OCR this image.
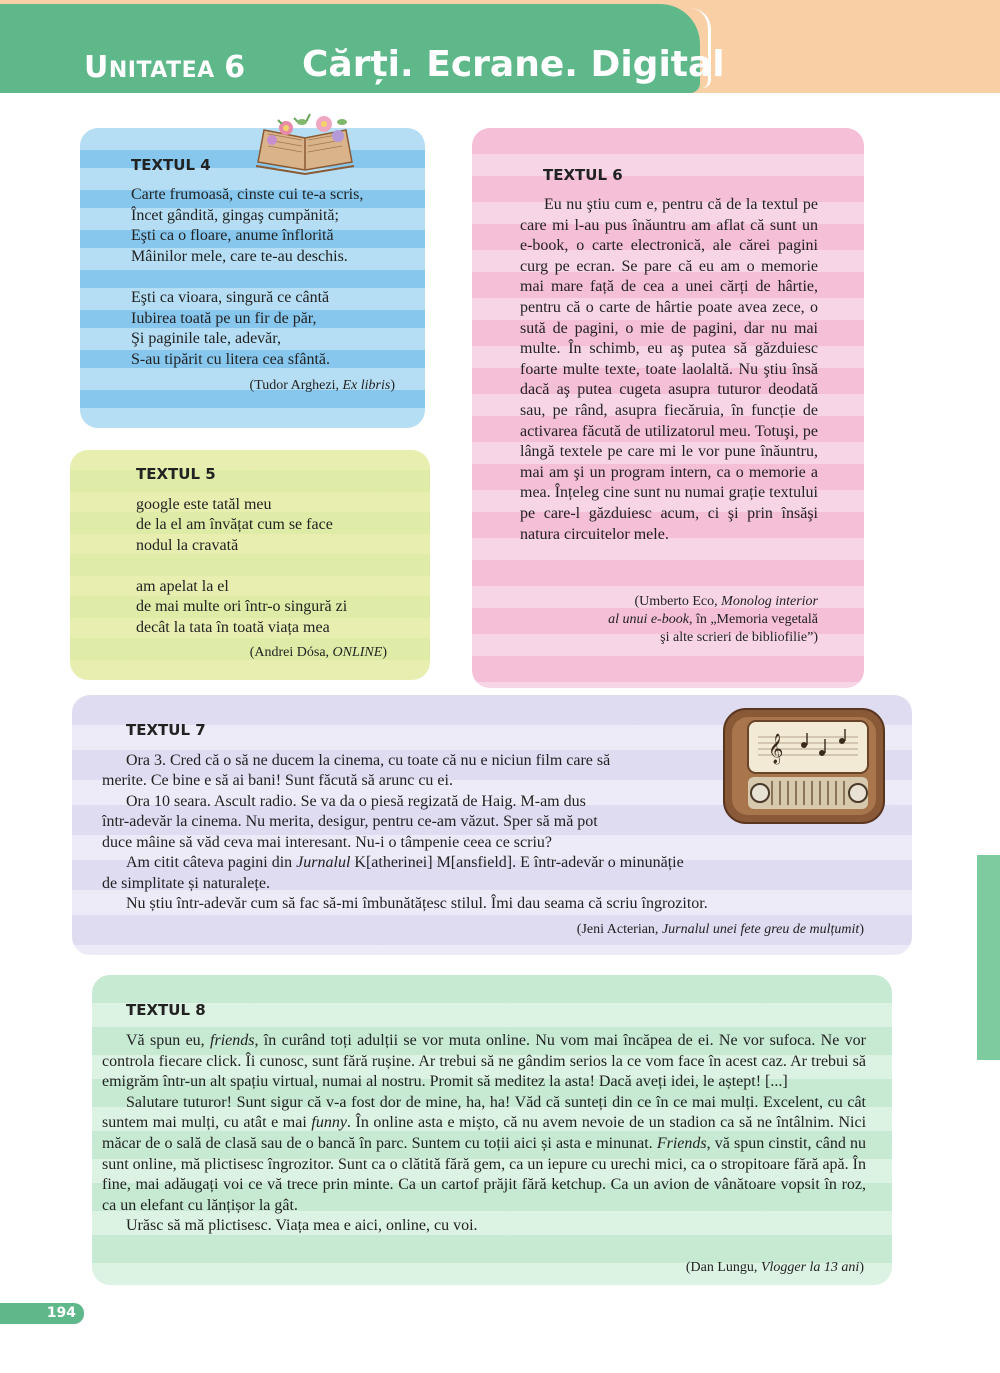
UNITATEA 6 Cărți. Ecrane. Digital
TEXTUL 4
Carte frumoasă, cinste cui te-a scris,
Încet gândită, gingaş cumpănită;
Eşti ca o floare, anume înflorită
Mâinilor mele, care te-au deschis.
Eşti ca vioara, singură ce cântă
Iubirea toată pe un fir de păr,
Şi paginile tale, adevăr,
S-au tipărit cu litera cea sfântă.
(Tudor Arghezi, Ex libris)
TEXTUL 5
google este tatăl meu
de la el am învățat cum se face
nodul la cravată
am apelat la el
de mai multe ori într-o singură zi
decât la tata în toată viața mea
(Andrei Dósa, ONLINE)
TEXTUL 6

Eu nu ştiu cum e, pentru că de la textul pe care mi l-au pus înăuntru am aflat că sunt un e-book, o carte electronică, ale cărei pagini curg pe ecran. Se pare că eu am o memorie mai mare față de cea a unei cărți de hârtie, pentru că o carte de hârtie poate avea zece, o sută de pagini, o mie de pagini, dar nu mai multe. În schimb, eu aş putea să găzduiesc foarte multe texte, toate laolaltă. Nu ştiu însă dacă aş putea cugeta asupra tuturor deodată sau, pe rând, asupra fiecăruia, în funcție de activarea făcută de utilizatorul meu. Totuşi, pe lângă textele pe care mi le vor pune înăuntru, mai am şi un program intern, ca o memorie a mea. Înțeleg cine sunt nu numai grație textului pe care-l găzduiesc acum, ci şi prin însăşi natura circuitelor mele.

(Umberto Eco, Monolog interior
al unui e-book, în „Memoria vegetală
şi alte scrieri de bibliofilie”)
TEXTUL 7
𝄞
Ora 3. Cred că o să ne ducem la cinema, cu toate că nu e niciun film care să
merite. Ce bine e să ai bani! Sunt făcută să arunc cu ei.
Ora 10 seara. Ascult radio. Se va da o piesă regizată de Haig. M-am dus
într-adevăr la cinema. Nu merita, desigur, pentru ce-am văzut. Sper să mă pot
duce mâine să văd ceva mai interesant. Nu-i o tâmpenie ceea ce scriu?
Am citit câteva pagini din Jurnalul K[atherinei] M[ansfield]. E într-adevăr o minunăție
de simplitate și naturalețe.
Nu știu într-adevăr cum să fac să-mi îmbunătățesc stilul. Îmi dau seama că scriu îngrozitor.
(Jeni Acterian, Jurnalul unei fete greu de mulțumit)
TEXTUL 8

Vă spun eu, friends, în curând toți adulții se vor muta online. Nu vom mai încăpea de ei. Ne vor sufoca. Ne vor controla fiecare click. Îi cunosc, sunt fără rușine. Ar trebui să ne gândim serios la ce vom face în acest caz. Ar trebui să emigrăm într-un alt spațiu virtual, numai al nostru. Promit să meditez la asta! Dacă aveți idei, le aștept! [...]

Salutare tuturor! Sunt sigur că v-a fost dor de mine, ha, ha! Văd că sunteți din ce în ce mai mulți. Excelent, cu cât suntem mai mulți, cu atât e mai funny. În online asta e mișto, că nu avem nevoie de un stadion ca să ne întâlnim. Nici măcar de o sală de clasă sau de o bancă în parc. Suntem cu toții aici și asta e minunat. Friends, vă spun cinstit, când nu sunt online, mă plictisesc îngrozitor. Sunt ca o clătită fără gem, ca un iepure cu urechi mici, ca o stropitoare fără apă. În fine, mai adăugați voi ce vă trece prin minte. Ca un cartof prăjit fără ketchup. Ca un avion de vânătoare vopsit în roz, ca un elefant cu lănțișor la gât.

Urăsc să mă plictisesc. Viața mea e aici, online, cu voi.

(Dan Lungu, Vlogger la 13 ani)
194
